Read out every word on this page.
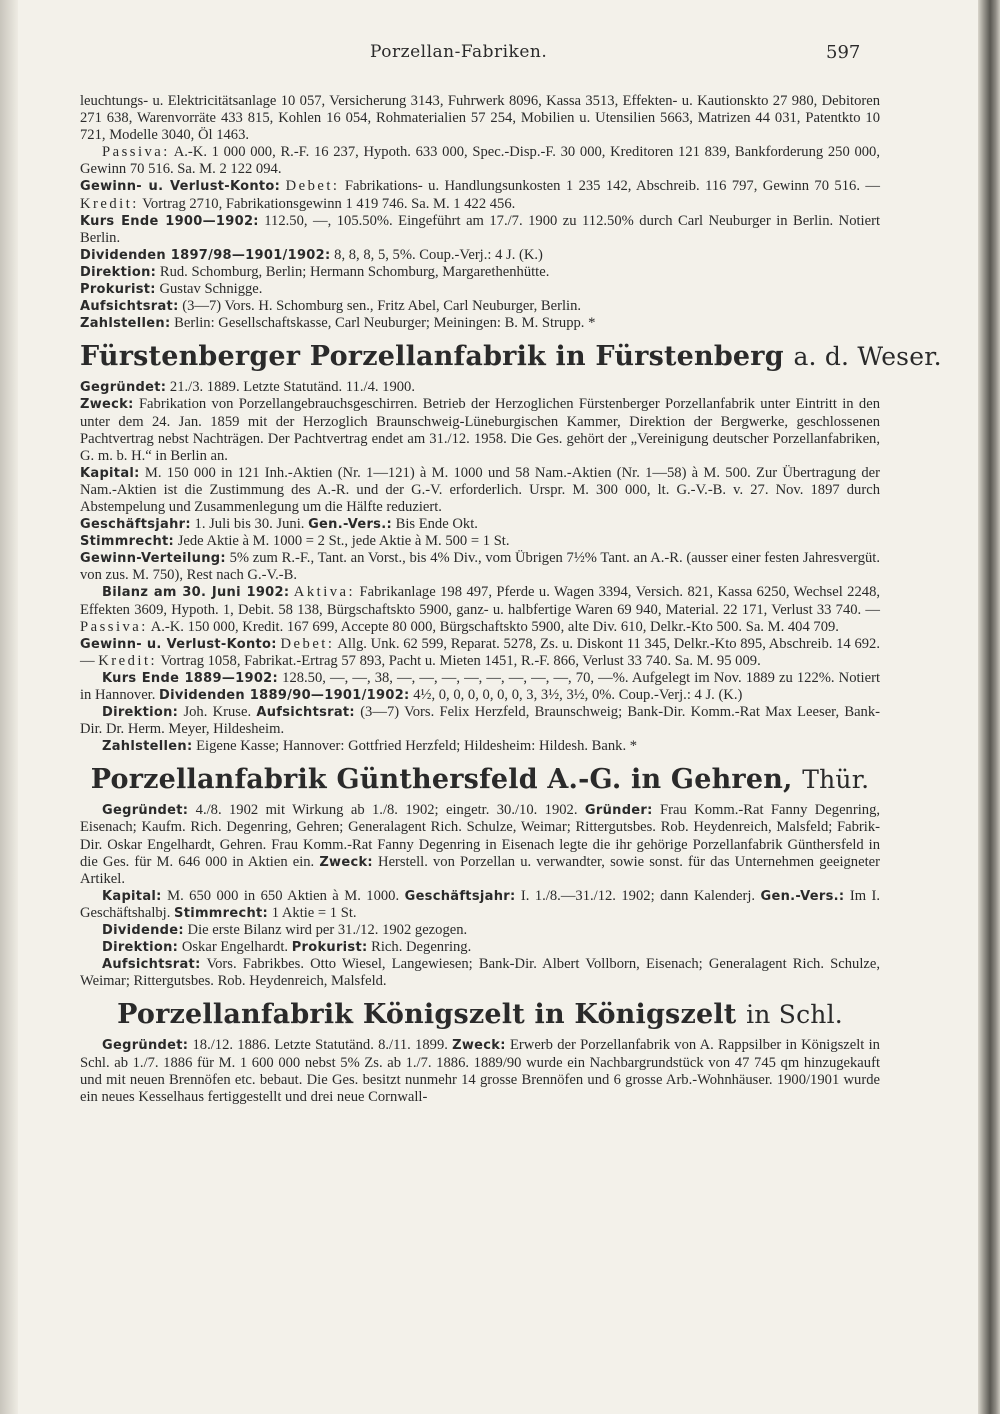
Porzellan-Fabriken.	597

leuchtungs- u. Elektricitätsanlage 10 057, Versicherung 3143, Fuhrwerk 8096, Kassa 3513, Effekten- u. Kautionskto 27 980, Debitoren 271 638, Warenvorräte 433 815, Kohlen 16 054, Rohmaterialien 57 254, Mobilien u. Utensilien 5663, Matrizen 44 031, Patentkto 10 721, Modelle 3040, Öl 1463.

Passiva: A.-K. 1 000 000, R.-F. 16 237, Hypoth. 633 000, Spec.-Disp.-F. 30 000, Kreditoren 121 839, Bankforderung 250 000, Gewinn 70 516. Sa. M. 2 122 094.

Gewinn- u. Verlust-Konto: Debet: Fabrikations- u. Handlungsunkosten 1 235 142, Abschreib. 116 797, Gewinn 70 516. — Kredit: Vortrag 2710, Fabrikationsgewinn 1 419 746. Sa. M. 1 422 456.

Kurs Ende 1900—1902: 112.50, —, 105.50%. Eingeführt am 17./7. 1900 zu 112.50% durch Carl Neuburger in Berlin. Notiert Berlin.

Dividenden 1897/98—1901/1902: 8, 8, 8, 5, 5%. Coup.-Verj.: 4 J. (K.)

Direktion: Rud. Schomburg, Berlin; Hermann Schomburg, Margarethenhütte.

Prokurist: Gustav Schnigge.

Aufsichtsrat: (3—7) Vors. H. Schomburg sen., Fritz Abel, Carl Neuburger, Berlin.

Zahlstellen: Berlin: Gesellschaftskasse, Carl Neuburger; Meiningen: B. M. Strupp. *

Fürstenberger Porzellanfabrik in Fürstenberg a. d. Weser.

Gegründet: 21./3. 1889. Letzte Statutänd. 11./4. 1900.

Zweck: Fabrikation von Porzellangebrauchsgeschirren. Betrieb der Herzoglichen Fürstenberger Porzellanfabrik unter Eintritt in den unter dem 24. Jan. 1859 mit der Herzoglich Braunschweig-Lüneburgischen Kammer, Direktion der Bergwerke, geschlossenen Pachtvertrag nebst Nachträgen. Der Pachtvertrag endet am 31./12. 1958. Die Ges. gehört der „Vereinigung deutscher Porzellanfabriken, G. m. b. H.“ in Berlin an.

Kapital: M. 150 000 in 121 Inh.-Aktien (Nr. 1—121) à M. 1000 und 58 Nam.-Aktien (Nr. 1—58) à M. 500. Zur Übertragung der Nam.-Aktien ist die Zustimmung des A.-R. und der G.-V. erforderlich. Urspr. M. 300 000, lt. G.-V.-B. v. 27. Nov. 1897 durch Abstempelung und Zusammenlegung um die Hälfte reduziert.

Geschäftsjahr: 1. Juli bis 30. Juni. Gen.-Vers.: Bis Ende Okt.

Stimmrecht: Jede Aktie à M. 1000 = 2 St., jede Aktie à M. 500 = 1 St.

Gewinn-Verteilung: 5% zum R.-F., Tant. an Vorst., bis 4% Div., vom Übrigen 7½% Tant. an A.-R. (ausser einer festen Jahresvergüt. von zus. M. 750), Rest nach G.-V.-B.

Bilanz am 30. Juni 1902: Aktiva: Fabrikanlage 198 497, Pferde u. Wagen 3394, Versich. 821, Kassa 6250, Wechsel 2248, Effekten 3609, Hypoth. 1, Debit. 58 138, Bürgschaftskto 5900, ganz- u. halbfertige Waren 69 940, Material. 22 171, Verlust 33 740. — Passiva: A.-K. 150 000, Kredit. 167 699, Accepte 80 000, Bürgschaftskto 5900, alte Div. 610, Delkr.-Kto 500. Sa. M. 404 709.

Gewinn- u. Verlust-Konto: Debet: Allg. Unk. 62 599, Reparat. 5278, Zs. u. Diskont 11 345, Delkr.-Kto 895, Abschreib. 14 692. — Kredit: Vortrag 1058, Fabrikat.-Ertrag 57 893, Pacht u. Mieten 1451, R.-F. 866, Verlust 33 740. Sa. M. 95 009.

Kurs Ende 1889—1902: 128.50, —, —, 38, —, —, —, —, —, —, —, —, 70, —%. Aufgelegt im Nov. 1889 zu 122%. Notiert in Hannover. Dividenden 1889/90—1901/1902: 4½, 0, 0, 0, 0, 0, 0, 3, 3½, 3½, 0%. Coup.-Verj.: 4 J. (K.)

Direktion: Joh. Kruse. Aufsichtsrat: (3—7) Vors. Felix Herzfeld, Braunschweig; Bank-Dir. Komm.-Rat Max Leeser, Bank-Dir. Dr. Herm. Meyer, Hildesheim.

Zahlstellen: Eigene Kasse; Hannover: Gottfried Herzfeld; Hildesheim: Hildesh. Bank. *

Porzellanfabrik Günthersfeld A.-G. in Gehren, Thür.

Gegründet: 4./8. 1902 mit Wirkung ab 1./8. 1902; eingetr. 30./10. 1902. Gründer: Frau Komm.-Rat Fanny Degenring, Eisenach; Kaufm. Rich. Degenring, Gehren; Generalagent Rich. Schulze, Weimar; Rittergutsbes. Rob. Heydenreich, Malsfeld; Fabrik-Dir. Oskar Engelhardt, Gehren. Frau Komm.-Rat Fanny Degenring in Eisenach legte die ihr gehörige Porzellanfabrik Günthersfeld in die Ges. für M. 646 000 in Aktien ein. Zweck: Herstell. von Porzellan u. verwandter, sowie sonst. für das Unternehmen geeigneter Artikel.

Kapital: M. 650 000 in 650 Aktien à M. 1000. Geschäftsjahr: I. 1./8.—31./12. 1902; dann Kalenderj. Gen.-Vers.: Im I. Geschäftshalbj. Stimmrecht: 1 Aktie = 1 St.

Dividende: Die erste Bilanz wird per 31./12. 1902 gezogen.

Direktion: Oskar Engelhardt. Prokurist: Rich. Degenring.

Aufsichtsrat: Vors. Fabrikbes. Otto Wiesel, Langewiesen; Bank-Dir. Albert Vollborn, Eisenach; Generalagent Rich. Schulze, Weimar; Rittergutsbes. Rob. Heydenreich, Malsfeld.

Porzellanfabrik Königszelt in Königszelt in Schl.

Gegründet: 18./12. 1886. Letzte Statutänd. 8./11. 1899. Zweck: Erwerb der Porzellanfabrik von A. Rappsilber in Königszelt in Schl. ab 1./7. 1886 für M. 1 600 000 nebst 5% Zs. ab 1./7. 1886. 1889/90 wurde ein Nachbargrundstück von 47 745 qm hinzugekauft und mit neuen Brennöfen etc. bebaut. Die Ges. besitzt nunmehr 14 grosse Brennöfen und 6 grosse Arb.-Wohnhäuser. 1900/1901 wurde ein neues Kesselhaus fertiggestellt und drei neue Cornwall-
